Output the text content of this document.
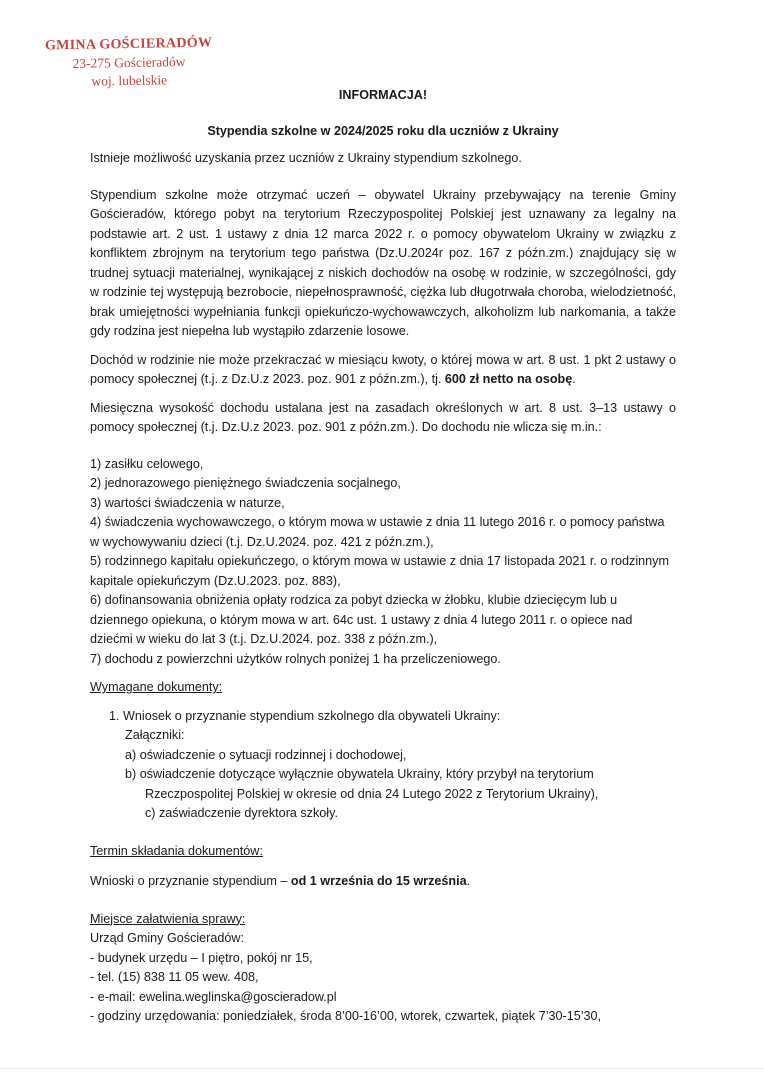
GMINA GOŚCIERADÓW
23-275 Gościeradów
woj. lubelskie

INFORMACJA!

Stypendia szkolne w 2024/2025 roku dla uczniów z Ukrainy

Istnieje możliwość uzyskania przez uczniów z Ukrainy stypendium szkolnego.

Stypendium szkolne może otrzymać uczeń – obywatel Ukrainy przebywający na terenie Gminy Gościeradów, którego pobyt na terytorium Rzeczypospolitej Polskiej jest uznawany za legalny na podstawie art. 2 ust. 1 ustawy z dnia 12 marca 2022 r. o pomocy obywatelom Ukrainy w związku z konfliktem zbrojnym na terytorium tego państwa (Dz.U.2024r poz. 167 z późn.zm.) znajdujący się w trudnej sytuacji materialnej, wynikającej z niskich dochodów na osobę w rodzinie, w szczególności, gdy w rodzinie tej występują bezrobocie, niepełnosprawność, ciężka lub długotrwała choroba, wielodzietność, brak umiejętności wypełniania funkcji opiekuńczo-wychowawczych, alkoholizm lub narkomania, a także gdy rodzina jest niepełna lub wystąpiło zdarzenie losowe.

Dochód w rodzinie nie może przekraczać w miesiącu kwoty, o której mowa w art. 8 ust. 1 pkt 2 ustawy o pomocy społecznej (t.j. z Dz.U.z 2023. poz. 901 z późn.zm.), tj. 600 zł netto na osobę.

Miesięczna wysokość dochodu ustalana jest na zasadach określonych w art. 8 ust. 3–13 ustawy o pomocy społecznej (t.j. Dz.U.z 2023. poz. 901 z późn.zm.). Do dochodu nie wlicza się m.in.:

1) zasiłku celowego,

2) jednorazowego pieniężnego świadczenia socjalnego,

3) wartości świadczenia w naturze,

4) świadczenia wychowawczego, o którym mowa w ustawie z dnia 11 lutego 2016 r. o pomocy państwa w wychowywaniu dzieci (t.j. Dz.U.2024. poz. 421 z późn.zm.),

5) rodzinnego kapitału opiekuńczego, o którym mowa w ustawie z dnia 17 listopada 2021 r. o rodzinnym kapitale opiekuńczym (Dz.U.2023. poz. 883),

6) dofinansowania obniżenia opłaty rodzica za pobyt dziecka w żłobku, klubie dziecięcym lub u dziennego opiekuna, o którym mowa w art. 64c ust. 1 ustawy z dnia 4 lutego 2011 r. o opiece nad dziećmi w wieku do lat 3 (t.j. Dz.U.2024. poz. 338 z późn.zm.),

7) dochodu z powierzchni użytków rolnych poniżej 1 ha przeliczeniowego.

Wymagane dokumenty:

1. Wniosek o przyznanie stypendium szkolnego dla obywateli Ukrainy:

Załączniki:

a) oświadczenie o sytuacji rodzinnej i dochodowej,

b) oświadczenie dotyczące wyłącznie obywatela Ukrainy, który przybył na terytorium

Rzeczpospolitej Polskiej w okresie od dnia 24 Lutego 2022 z Terytorium Ukrainy),

c) zaświadczenie dyrektora szkoły.

Termin składania dokumentów:

Wnioski o przyznanie stypendium – od 1 września do 15 września.

Miejsce załatwienia sprawy:

Urząd Gminy Gościeradów:

- budynek urzędu – I piętro, pokój nr 15,

- tel. (15) 838 11 05 wew. 408,

- e-mail: ewelina.weglinska@goscieradow.pl

- godziny urzędowania: poniedziałek, środa 8’00-16’00, wtorek, czwartek, piątek 7’30-15’30,
